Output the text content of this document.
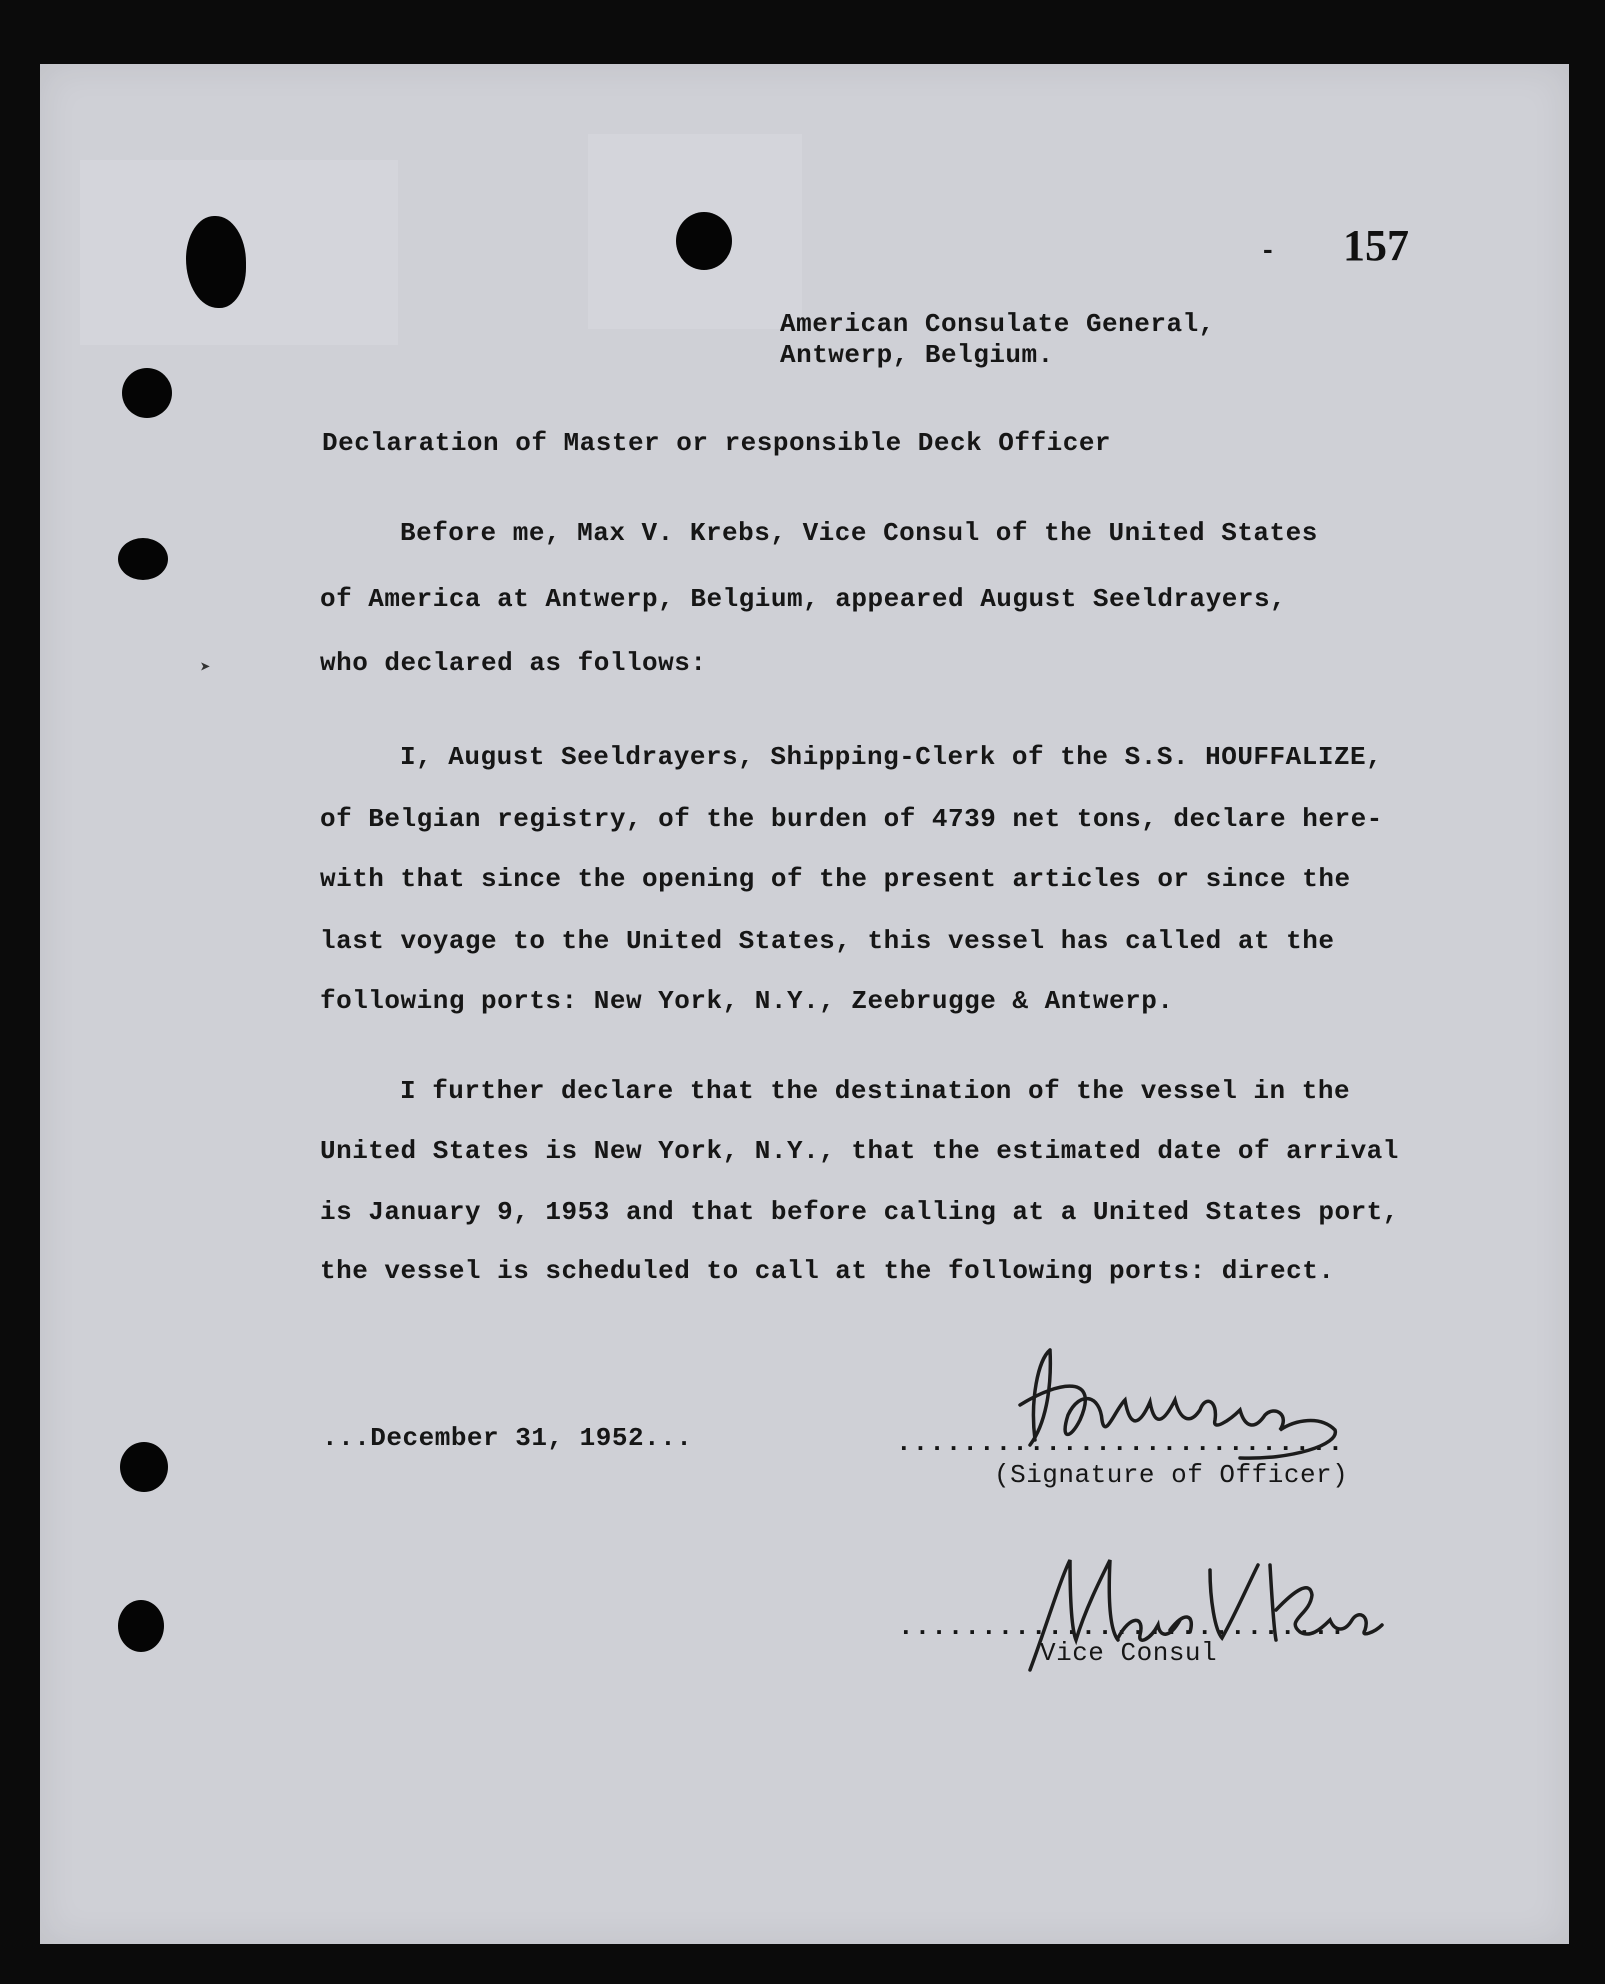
- 157
American Consulate General,
Antwerp, Belgium.
Declaration of Master or responsible Deck Officer
Before me, Max V. Krebs, Vice Consul of the United States
of America at Antwerp, Belgium, appeared August Seeldrayers,
who declared as follows:
➤
I, August Seeldrayers, Shipping-Clerk of the S.S. HOUFFALIZE,
of Belgian registry, of the burden of 4739 net tons, declare here-
with that since the opening of the present articles or since the
last voyage to the United States, this vessel has called at the
following ports: New York, N.Y., Zeebrugge & Antwerp.
I further declare that the destination of the vessel in the
United States is New York, N.Y., that the estimated date of arrival
is January 9, 1953 and that before calling at a United States port,
the vessel is scheduled to call at the following ports: direct.
...December 31, 1952...	...........................
(Signature of Officer)
...........................
Vice Consul
